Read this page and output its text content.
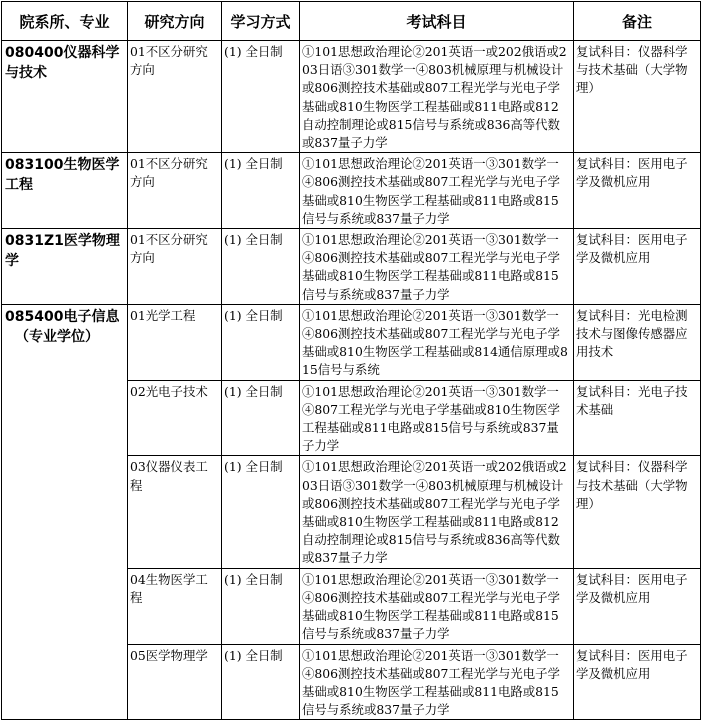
院系所、专业	研究方向	学习方式	考试科目	备注

080400仪器科学与技术	01不区分研究方向	(1) 全日制	①101思想政治理论②201英语一或202俄语或203日语③301数学一④803机械原理与机械设计或806测控技术基础或807工程光学与光电子学基础或810生物医学工程基础或811电路或812自动控制理论或815信号与系统或836高等代数或837量子力学	复试科目：仪器科学与技术基础（大学物理）

083100生物医学工程	01不区分研究方向	(1) 全日制	①101思想政治理论②201英语一③301数学一④806测控技术基础或807工程光学与光电子学基础或810生物医学工程基础或811电路或815信号与系统或837量子力学	复试科目：医用电子学及微机应用

0831Z1医学物理学	01不区分研究方向	(1) 全日制	①101思想政治理论②201英语一③301数学一④806测控技术基础或807工程光学与光电子学基础或810生物医学工程基础或811电路或815信号与系统或837量子力学	复试科目：医用电子学及微机应用

085400电子信息
（专业学位）	01光学工程	(1) 全日制	①101思想政治理论②201英语一③301数学一④806测控技术基础或807工程光学与光电子学基础或810生物医学工程基础或814通信原理或815信号与系统	复试科目：光电检测技术与图像传感器应用技术
	02光电子技术	(1) 全日制	①101思想政治理论②201英语一③301数学一④807工程光学与光电子学基础或810生物医学工程基础或811电路或815信号与系统或837量子力学	复试科目：光电子技术基础
	03仪器仪表工程	(1) 全日制	①101思想政治理论②201英语一或202俄语或203日语③301数学一④803机械原理与机械设计或806测控技术基础或807工程光学与光电子学基础或810生物医学工程基础或811电路或812自动控制理论或815信号与系统或836高等代数或837量子力学	复试科目：仪器科学与技术基础（大学物理）
	04生物医学工程	(1) 全日制	①101思想政治理论②201英语一③301数学一④806测控技术基础或807工程光学与光电子学基础或810生物医学工程基础或811电路或815信号与系统或837量子力学	复试科目：医用电子学及微机应用
	05医学物理学	(1) 全日制	①101思想政治理论②201英语一③301数学一④806测控技术基础或807工程光学与光电子学基础或810生物医学工程基础或811电路或815信号与系统或837量子力学	复试科目：医用电子学及微机应用
